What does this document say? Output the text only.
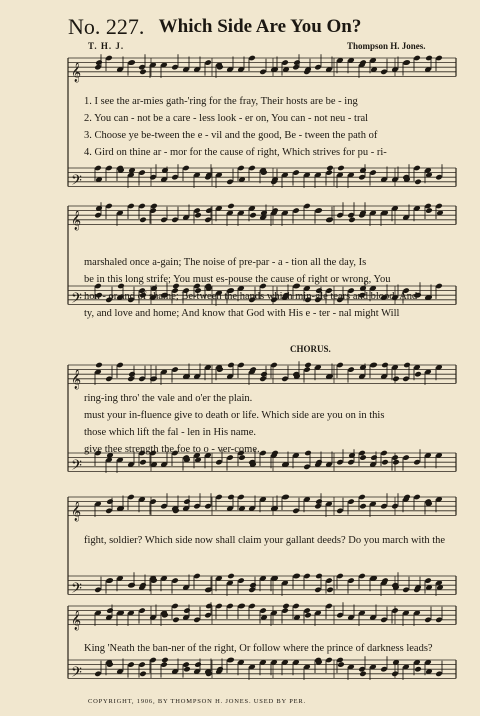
𝄞
𝄢
𝄞
𝄢
𝄞
𝄢
𝄞
𝄢
𝄞
𝄢
No. 227. Which Side Are You On?
T. H. J.	Thompson H. Jones.
1. I see the ar-mies gath-'ring for the fray, Their hosts are be - ing
2. You can - not be a care - less look - er on, You can - not neu - tral
3. Choose ye be-tween the e - vil and the good, Be - tween the path of
4. Gird on thine ar - mor for the cause of right, Which strives for pu - ri-
marshaled once a-gain; The noise of pre-par - a - tion all the day, Is
be in this long strife; You must es-pouse the cause of right or wrong, You
hon - or and of shame; Be-tween the hands which min-gle tears and blood, And
ty, and love and home; And know that God with His e - ter - nal might Will
CHORUS.
ring-ing thro' the vale and o'er the plain.
must your in-fluence give to death or life. Which side are you on in this
those which lift the fal - len in His name.
give thee strength the foe to o - ver-come.
fight, soldier? Which side now shall claim your gallant deeds? Do you march with the
King 'Neath the ban-ner of the right, Or follow where the prince of darkness leads?
COPYRIGHT, 1906, BY THOMPSON H. JONES. USED BY PER.
